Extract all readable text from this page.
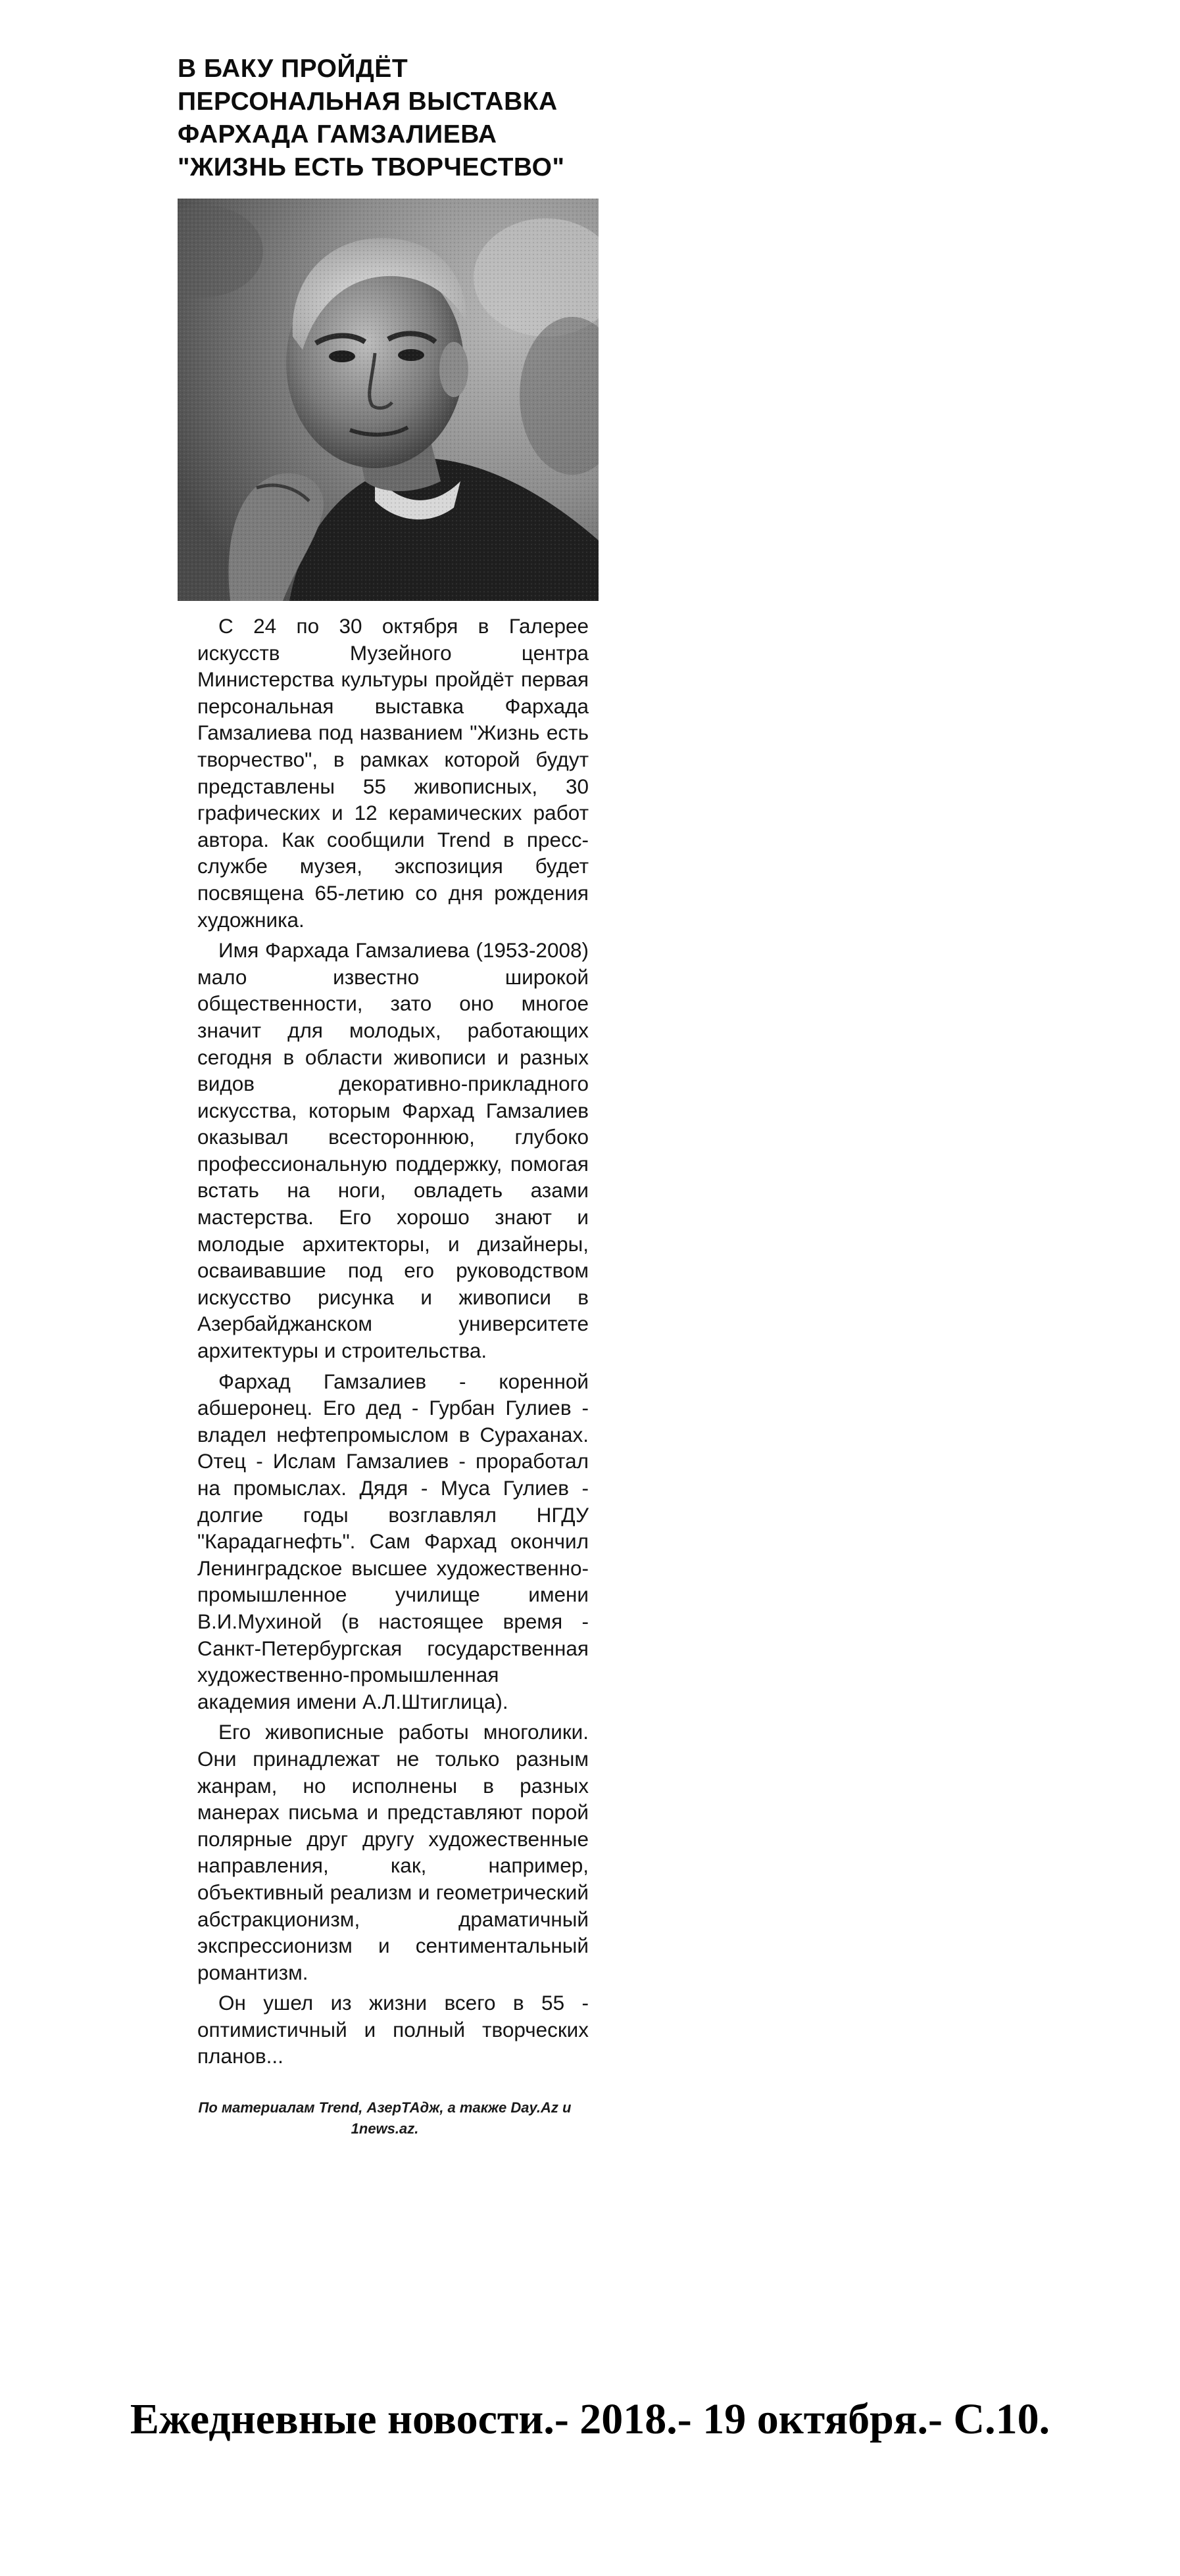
В БАКУ ПРОЙДЁТ
ПЕРСОНАЛЬНАЯ ВЫСТАВКА
ФАРХАДА ГАМЗАЛИЕВА
"ЖИЗНЬ ЕСТЬ ТВОРЧЕСТВО"

С 24 по 30 октября в Галерее искусств Музейного центра Министерства культуры пройдёт первая персональная выставка Фархада Гамзалиева под названием "Жизнь есть творчество", в рамках которой будут представлены 55 живописных, 30 графических и 12 керамических работ автора. Как сообщили Trend в пресс-службе музея, экспозиция будет посвящена 65-летию со дня рождения художника.

Имя Фархада Гамзалиева (1953-2008) мало известно широкой общественности, зато оно многое значит для молодых, работающих сегодня в области живописи и разных видов декоративно-прикладного искусства, которым Фархад Гамзалиев оказывал всестороннюю, глубоко профессиональную поддержку, помогая встать на ноги, овладеть азами мастерства. Его хорошо знают и молодые архитекторы, и дизайнеры, осваивавшие под его руководством искусство рисунка и живописи в Азербайджанском университете архитектуры и строительства.

Фархад Гамзалиев - коренной абшеронец. Его дед - Гурбан Гулиев - владел нефтепромыслом в Сураханах. Отец - Ислам Гамзалиев - проработал на промыслах. Дядя - Муса Гулиев - долгие годы возглавлял НГДУ "Карадагнефть". Сам Фархад окончил Ленинградское высшее художественно-промышленное училище имени В.И.Мухиной (в настоящее время - Санкт-Петербургская государственная художественно-промышленная академия имени А.Л.Штиглица).

Его живописные работы многолики. Они принадлежат не только разным жанрам, но исполнены в разных манерах письма и представляют порой полярные друг другу художественные направления, как, например, объективный реализм и геометрический абстракционизм, драматичный экспрессионизм и сентиментальный романтизм.

Он ушел из жизни всего в 55 - оптимистичный и полный творческих планов...

По материалам Trend, АзерТАдж, а также Day.Az и 1news.az.

Ежедневные новости.- 2018.- 19 октября.- С.10.
